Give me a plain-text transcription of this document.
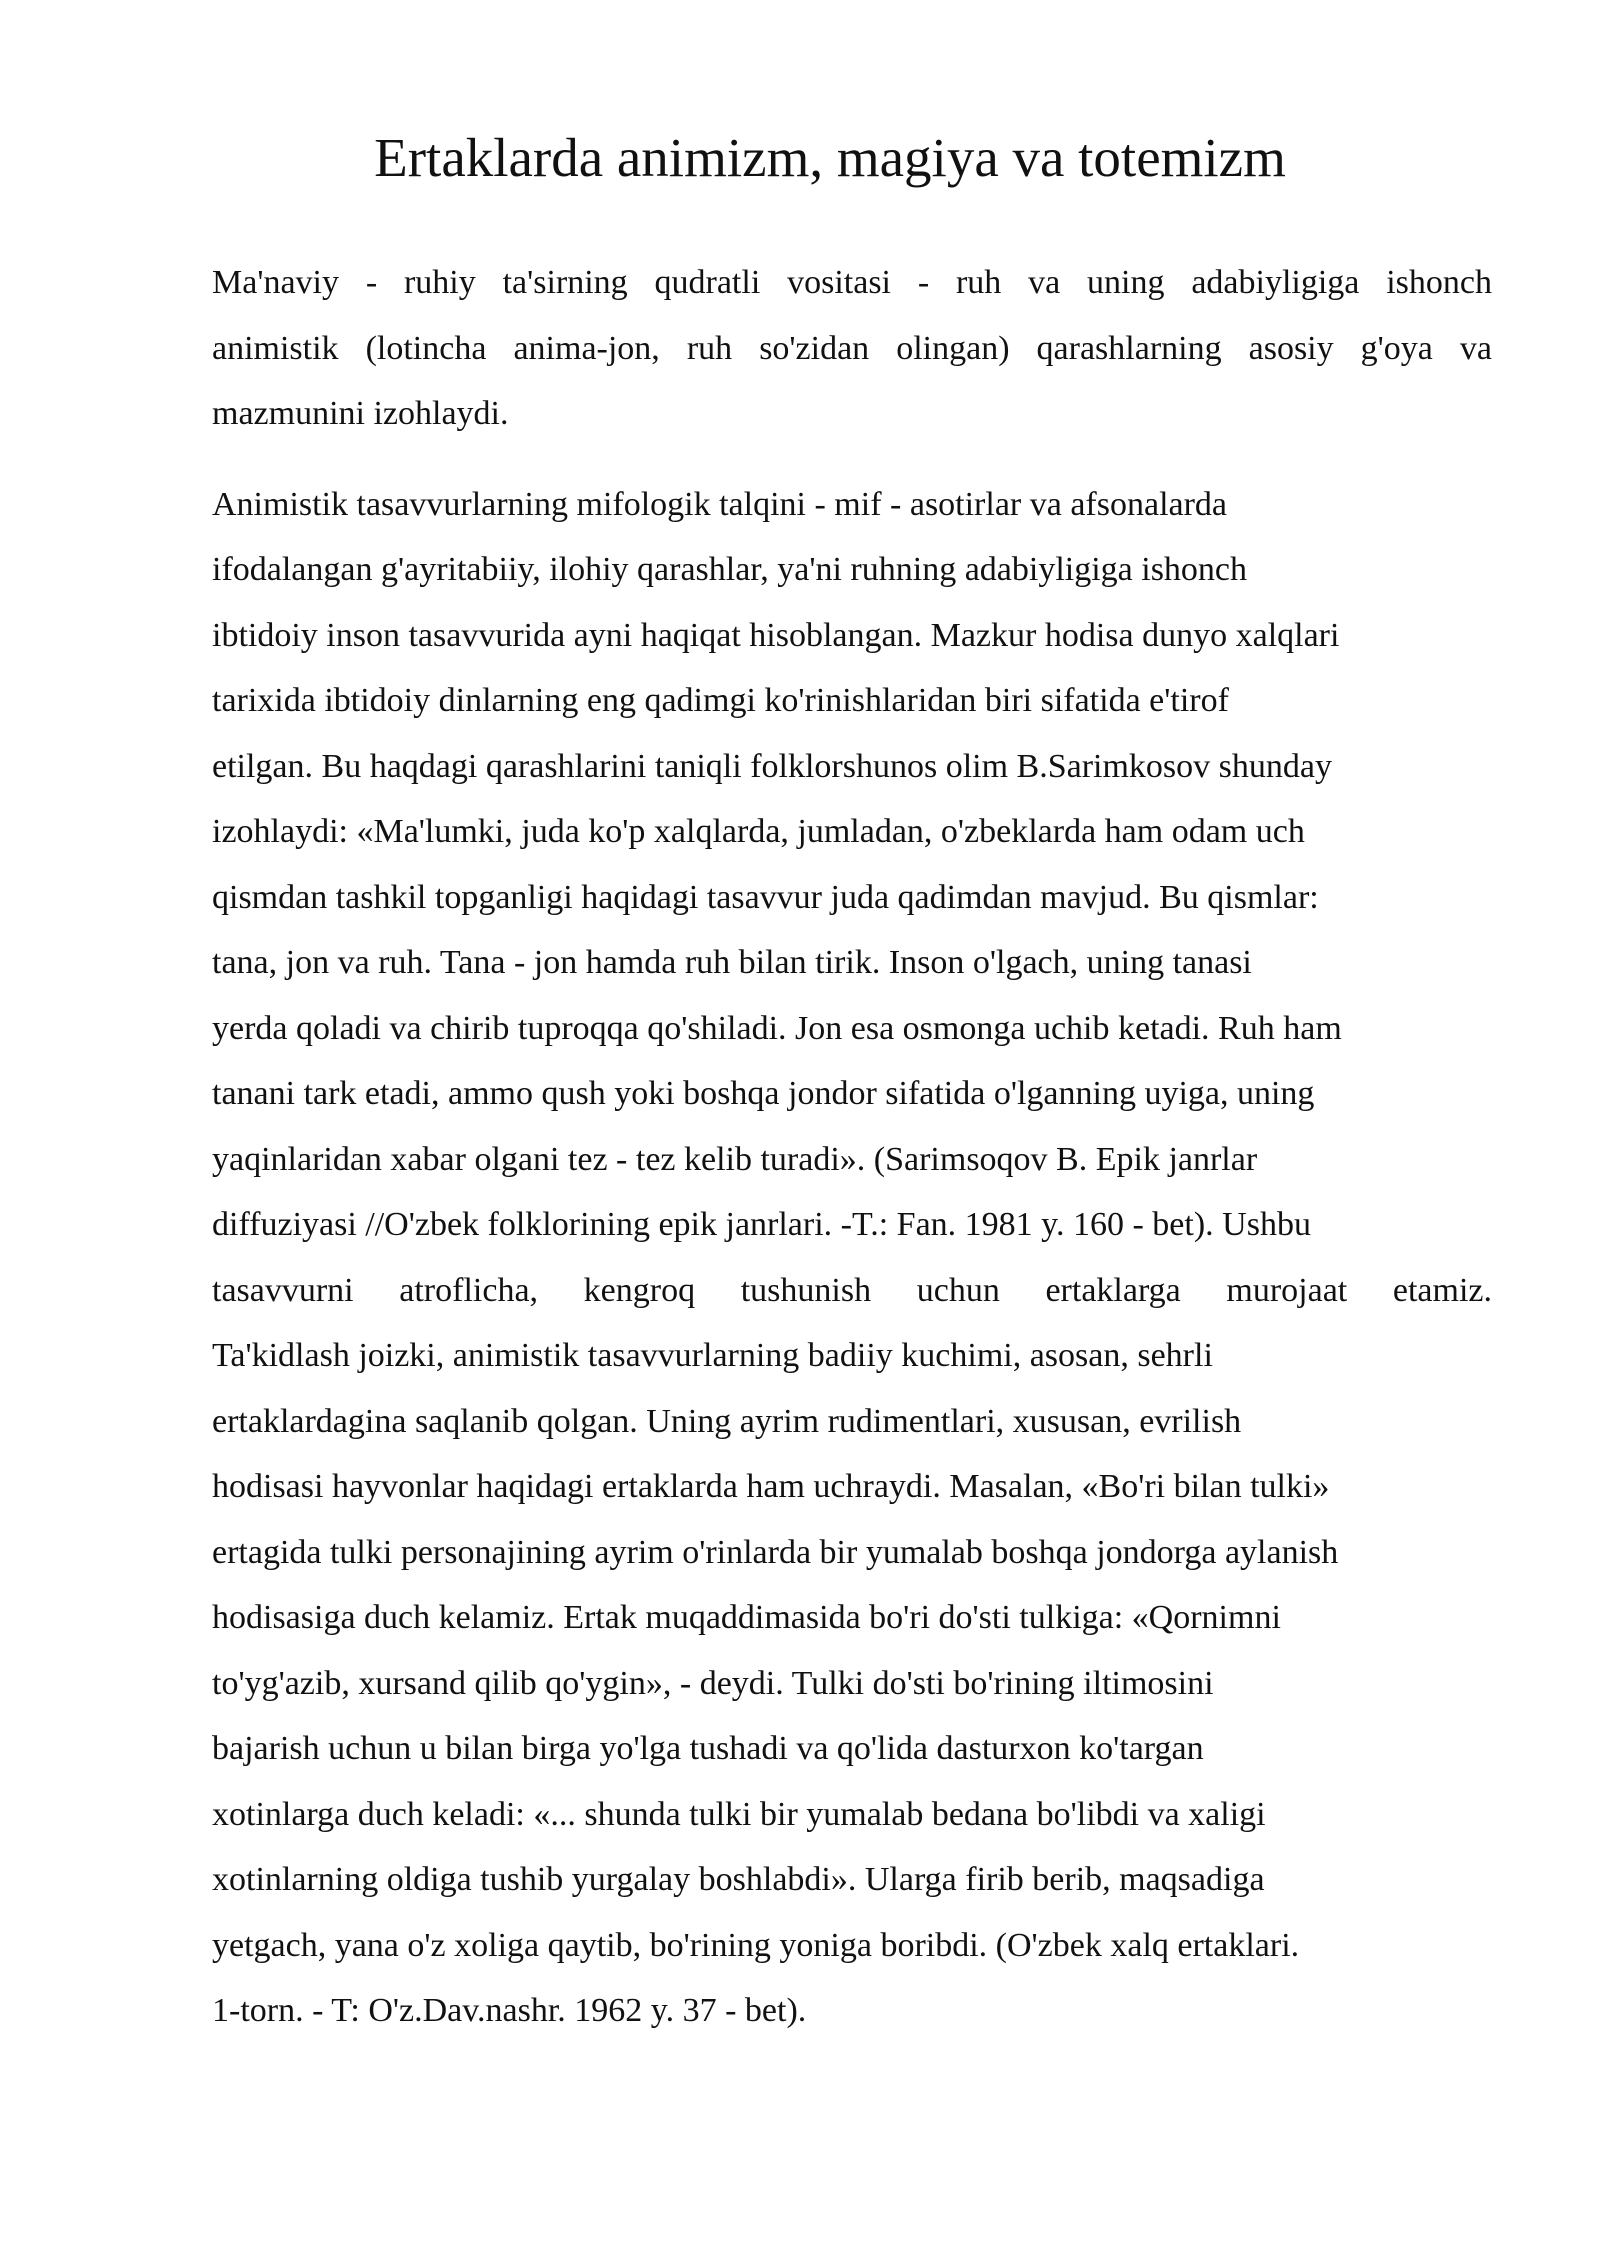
Ertaklarda animizm, magiya va totemizm

Ma'naviy - ruhiy ta'sirning qudratli vositasi - ruh va uning adabiyligiga ishonch
animistik (lotincha anima-jon, ruh so'zidan olingan) qarashlarning asosiy g'oya va
mazmunini izohlaydi.

Animistik tasavvurlarning mifologik talqini - mif - asotirlar va afsonalarda
ifodalangan g'ayritabiiy, ilohiy qarashlar, ya'ni ruhning adabiyligiga ishonch
ibtidoiy inson tasavvurida ayni haqiqat hisoblangan. Mazkur hodisa dunyo xalqlari
tarixida ibtidoiy dinlarning eng qadimgi ko'rinishlaridan biri sifatida e'tirof
etilgan. Bu haqdagi qarashlarini taniqli folklorshunos olim B.Sarimkosov shunday
izohlaydi: «Ma'lumki, juda ko'p xalqlarda, jumladan, o'zbeklarda ham odam uch
qismdan tashkil topganligi haqidagi tasavvur juda qadimdan mavjud. Bu qismlar:
tana, jon va ruh. Tana - jon hamda ruh bilan tirik. Inson o'lgach, uning tanasi
yerda qoladi va chirib tuproqqa qo'shiladi. Jon esa osmonga uchib ketadi. Ruh ham
tanani tark etadi, ammo qush yoki boshqa jondor sifatida o'lganning uyiga, uning
yaqinlaridan xabar olgani tez - tez kelib turadi». (Sarimsoqov B. Epik janrlar
diffuziyasi //O'zbek folklorining epik janrlari. -T.: Fan. 1981 y. 160 - bet). Ushbu
tasavvurni atroflicha, kengroq tushunish uchun ertaklarga murojaat etamiz.
Ta'kidlash joizki, animistik tasavvurlarning badiiy kuchimi, asosan, sehrli
ertaklardagina saqlanib qolgan. Uning ayrim rudimentlari, xususan, evrilish
hodisasi hayvonlar haqidagi ertaklarda ham uchraydi. Masalan, «Bo'ri bilan tulki»
ertagida tulki personajining ayrim o'rinlarda bir yumalab boshqa jondorga aylanish
hodisasiga duch kelamiz. Ertak muqaddimasida bo'ri do'sti tulkiga: «Qornimni
to'yg'azib, xursand qilib qo'ygin», - deydi. Tulki do'sti bo'rining iltimosini
bajarish uchun u bilan birga yo'lga tushadi va qo'lida dasturxon ko'targan
xotinlarga duch keladi: «... shunda tulki bir yumalab bedana bo'libdi va xaligi
xotinlarning oldiga tushib yurgalay boshlabdi». Ularga firib berib, maqsadiga
yetgach, yana o'z xoliga qaytib, bo'rining yoniga boribdi. (O'zbek xalq ertaklari.
1-torn. - T: O'z.Dav.nashr. 1962 y. 37 - bet).
